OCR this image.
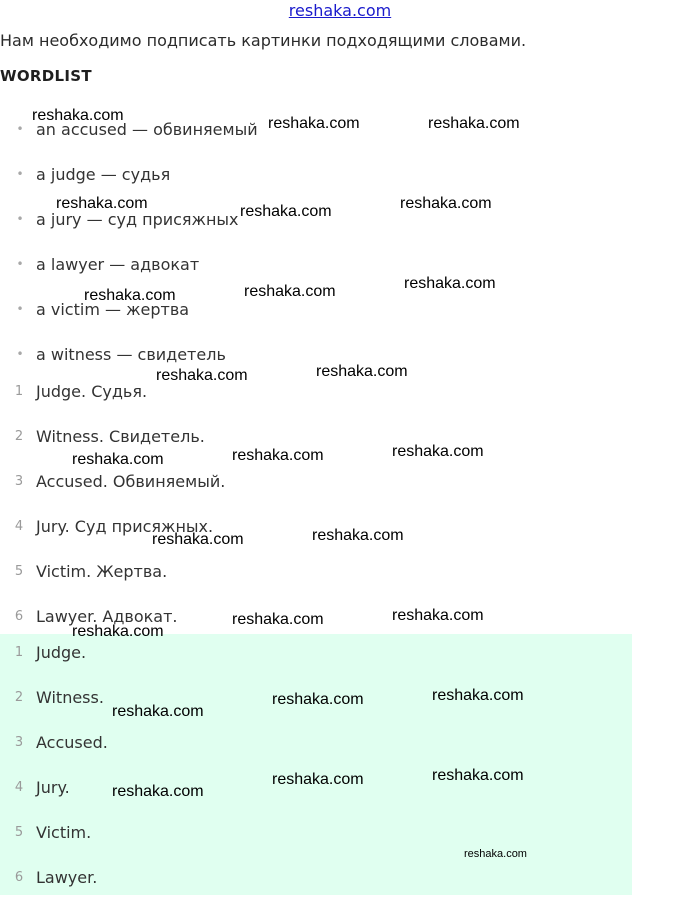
reshaka.com
Нам необходимо подписать картинки подходящими словами.
WORDLIST
• an accused — обвиняемый
• a judge — судья
• a jury — суд присяжных
• a lawyer — адвокат
• a victim — жертва
• a witness — свидетель
1 Judge. Судья.
2 Witness. Свидетель.
3 Accused. Обвиняемый.
4 Jury. Суд присяжных.
5 Victim. Жертва.
6 Lawyer. Адвокат.
1 Judge.
2 Witness.
3 Accused.
4 Jury.
5 Victim.
6 Lawyer.
reshaka.com	reshaka.com	reshaka.com
reshaka.com	reshaka.com	reshaka.com
reshaka.com	reshaka.com	reshaka.com
reshaka.com	reshaka.com
reshaka.com	reshaka.com	reshaka.com
reshaka.com	reshaka.com
reshaka.com
reshaka.com	reshaka.com
reshaka.com
reshaka.com	reshaka.com
reshaka.com
reshaka.com	reshaka.com
reshaka.com
